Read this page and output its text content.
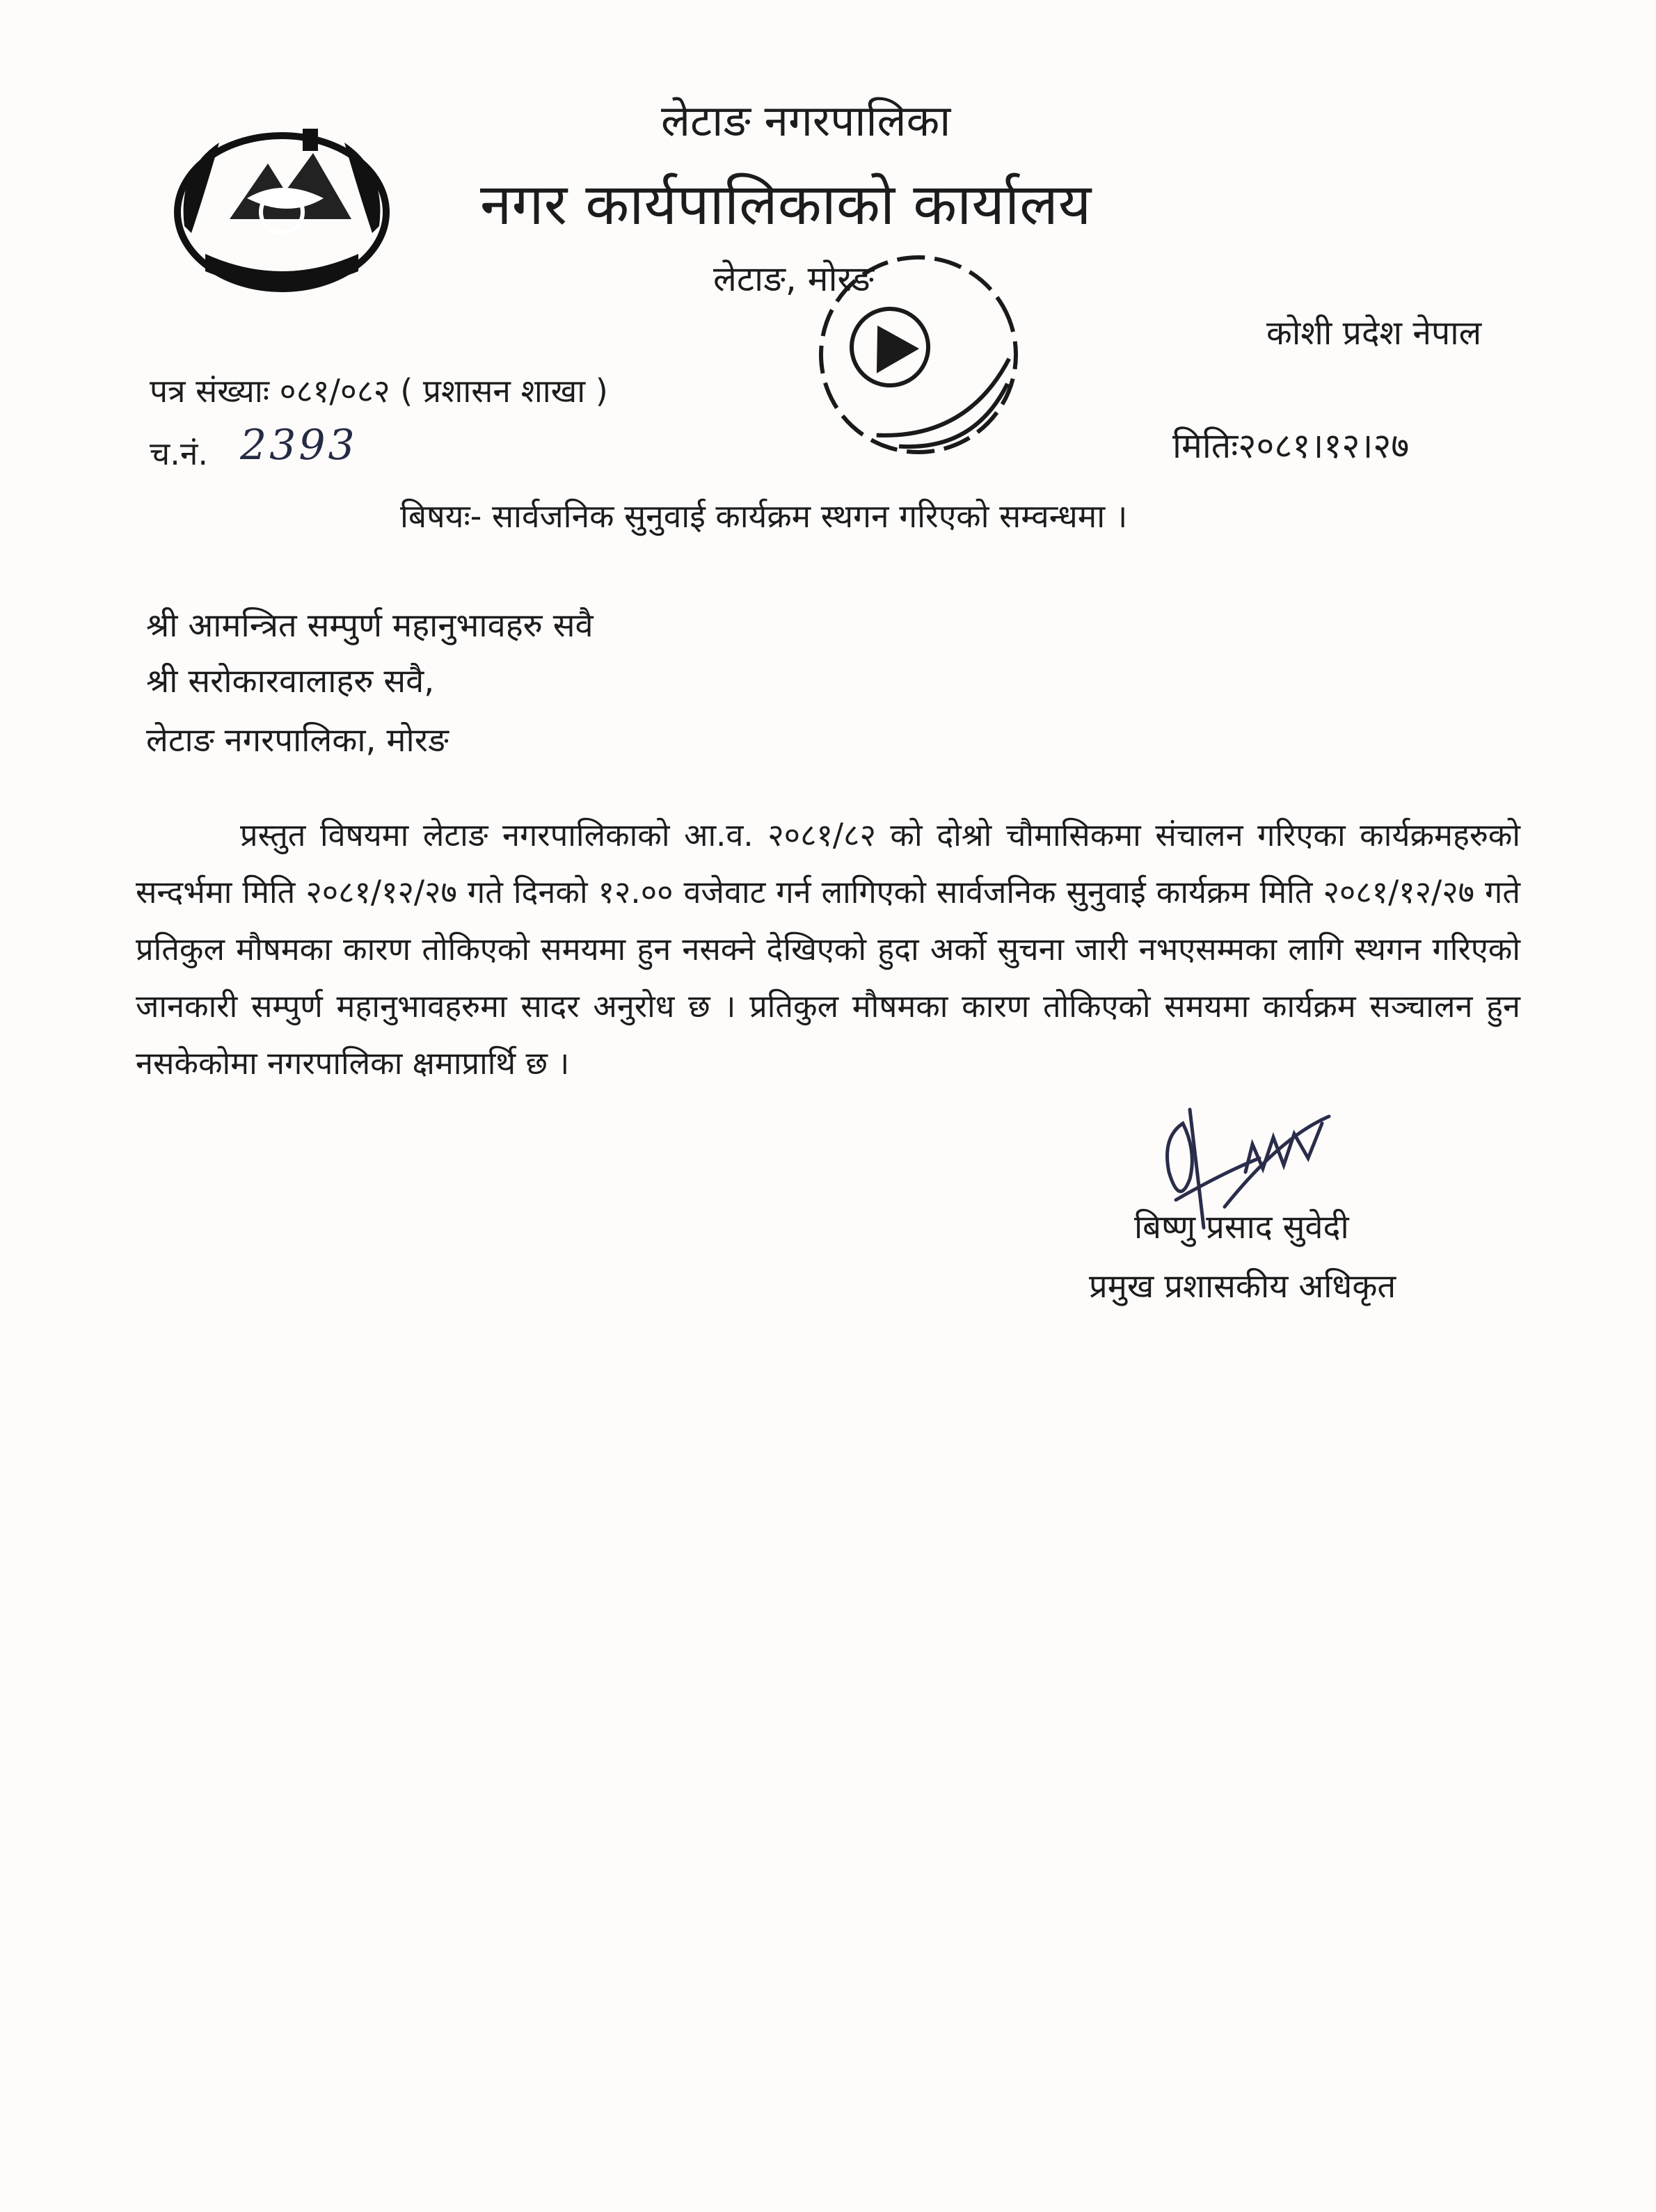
लेटाङ नगरपालिका
नगर कार्यपालिकाको कार्यालय
लेटाङ, मोरङ
कोशी प्रदेश नेपाल
पत्र संख्याः ०८१/०८२ ( प्रशासन शाखा )
च.नं. 2393	मितिः२०८१।१२।२७
बिषयः- सार्वजनिक सुनुवाई कार्यक्रम स्थगन गरिएको सम्वन्धमा ।
श्री आमन्त्रित सम्पुर्ण महानुभावहरु सवै
श्री सरोकारवालाहरु सवै,
लेटाङ नगरपालिका, मोरङ

प्रस्तुत विषयमा लेटाङ नगरपालिकाको आ.व. २०८१/८२ को दोश्रो चौमासिकमा संचालन गरिएका कार्यक्रमहरुको सन्दर्भमा मिति २०८१/१२/२७ गते दिनको १२.०० वजेवाट गर्न लागिएको सार्वजनिक सुनुवाई कार्यक्रम मिति २०८१/१२/२७ गते प्रतिकुल मौषमका कारण तोकिएको समयमा हुन नसक्ने देखिएको हुदा अर्को सुचना जारी नभएसम्मका लागि स्थगन गरिएको जानकारी सम्पुर्ण महानुभावहरुमा सादर अनुरोध छ । प्रतिकुल मौषमका कारण तोकिएको समयमा कार्यक्रम सञ्चालन हुन नसकेकोमा नगरपालिका क्षमाप्रार्थि छ ।

बिष्णु प्रसाद सुवेदी
प्रमुख प्रशासकीय अधिकृत
